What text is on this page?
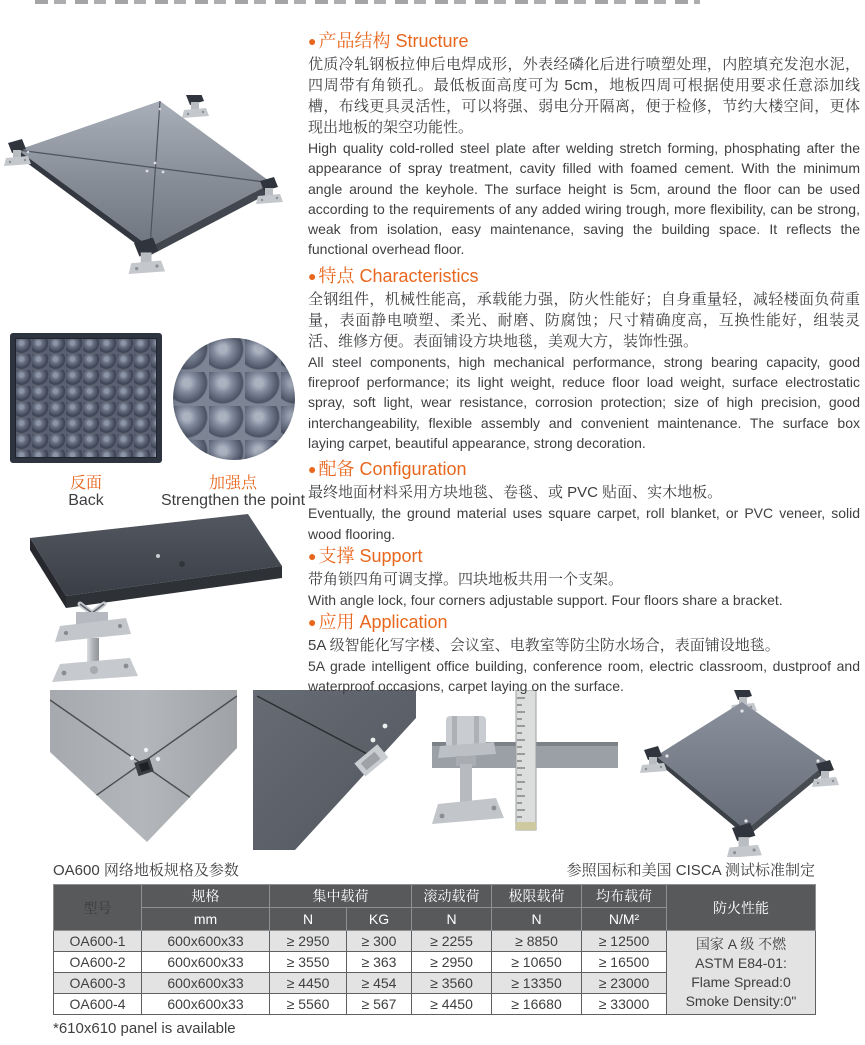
反面
Back
加强点
Strengthen the point
● 产品结构 Structure

优质冷轧钢板拉伸后电焊成形，外表经磷化后进行喷塑处理，内腔填充发泡水泥，四周带有角锁孔。最低板面高度可为 5cm，地板四周可根据使用要求任意添加线槽，布线更具灵活性，可以将强、弱电分开隔离，便于检修，节约大楼空间，更体现出地板的架空功能性。

High quality cold-rolled steel plate after welding stretch forming, phosphating after the appearance of spray treatment, cavity filled with foamed cement. With the minimum angle around the keyhole. The surface height is 5cm, around the floor can be used according to the requirements of any added wiring trough, more flexibility, can be strong, weak from isolation, easy maintenance, saving the building space. It reflects the functional overhead floor.

● 特点 Characteristics

全钢组件，机械性能高，承载能力强，防火性能好；自身重量轻，减轻楼面负荷重量，表面静电喷塑、柔光、耐磨、防腐蚀；尺寸精确度高，互换性能好，组装灵活、维修方便。表面铺设方块地毯，美观大方，装饰性强。

All steel components, high mechanical performance, strong bearing capacity, good fireproof performance; its light weight, reduce floor load weight, surface electrostatic spray, soft light, wear resistance, corrosion protection; size of high precision, good interchangeability, flexible assembly and convenient maintenance. The surface box laying carpet, beautiful appearance, strong decoration.

● 配备 Configuration

最终地面材料采用方块地毯、卷毯、或 PVC 贴面、实木地板。

Eventually, the ground material uses square carpet, roll blanket, or PVC veneer, solid wood flooring.

● 支撑 Support

带角锁四角可调支撑。四块地板共用一个支架。

With angle lock, four corners adjustable support. Four floors share a bracket.

● 应用 Application

5A 级智能化写字楼、会议室、电教室等防尘防水场合，表面铺设地毯。

5A grade intelligent office building, conference room, electric classroom, dustproof and waterproof occasions, carpet laying on the surface.

OA600 网络地板规格及参数	参照国标和美国 CISCA 测试标准制定
型号	规格	集中载荷		滚动载荷	极限载荷	均布载荷	防火性能
	mm	N	KG	N	N	N/M²	
OA600-1	600x600x33	≥ 2950	≥ 300	≥ 2255	≥ 8850	≥ 12500	国家 A 级 不燃
ASTM E84-01:
Flame Spread:0
Smoke Density:0"

OA600-2	600x600x33	≥ 3550	≥ 363	≥ 2950	≥ 10650	≥ 16500	
OA600-3	600x600x33	≥ 4450	≥ 454	≥ 3560	≥ 13350	≥ 23000	
OA600-4	600x600x33	≥ 5560	≥ 567	≥ 4450	≥ 16680	≥ 33000	
*610x610 panel is available
